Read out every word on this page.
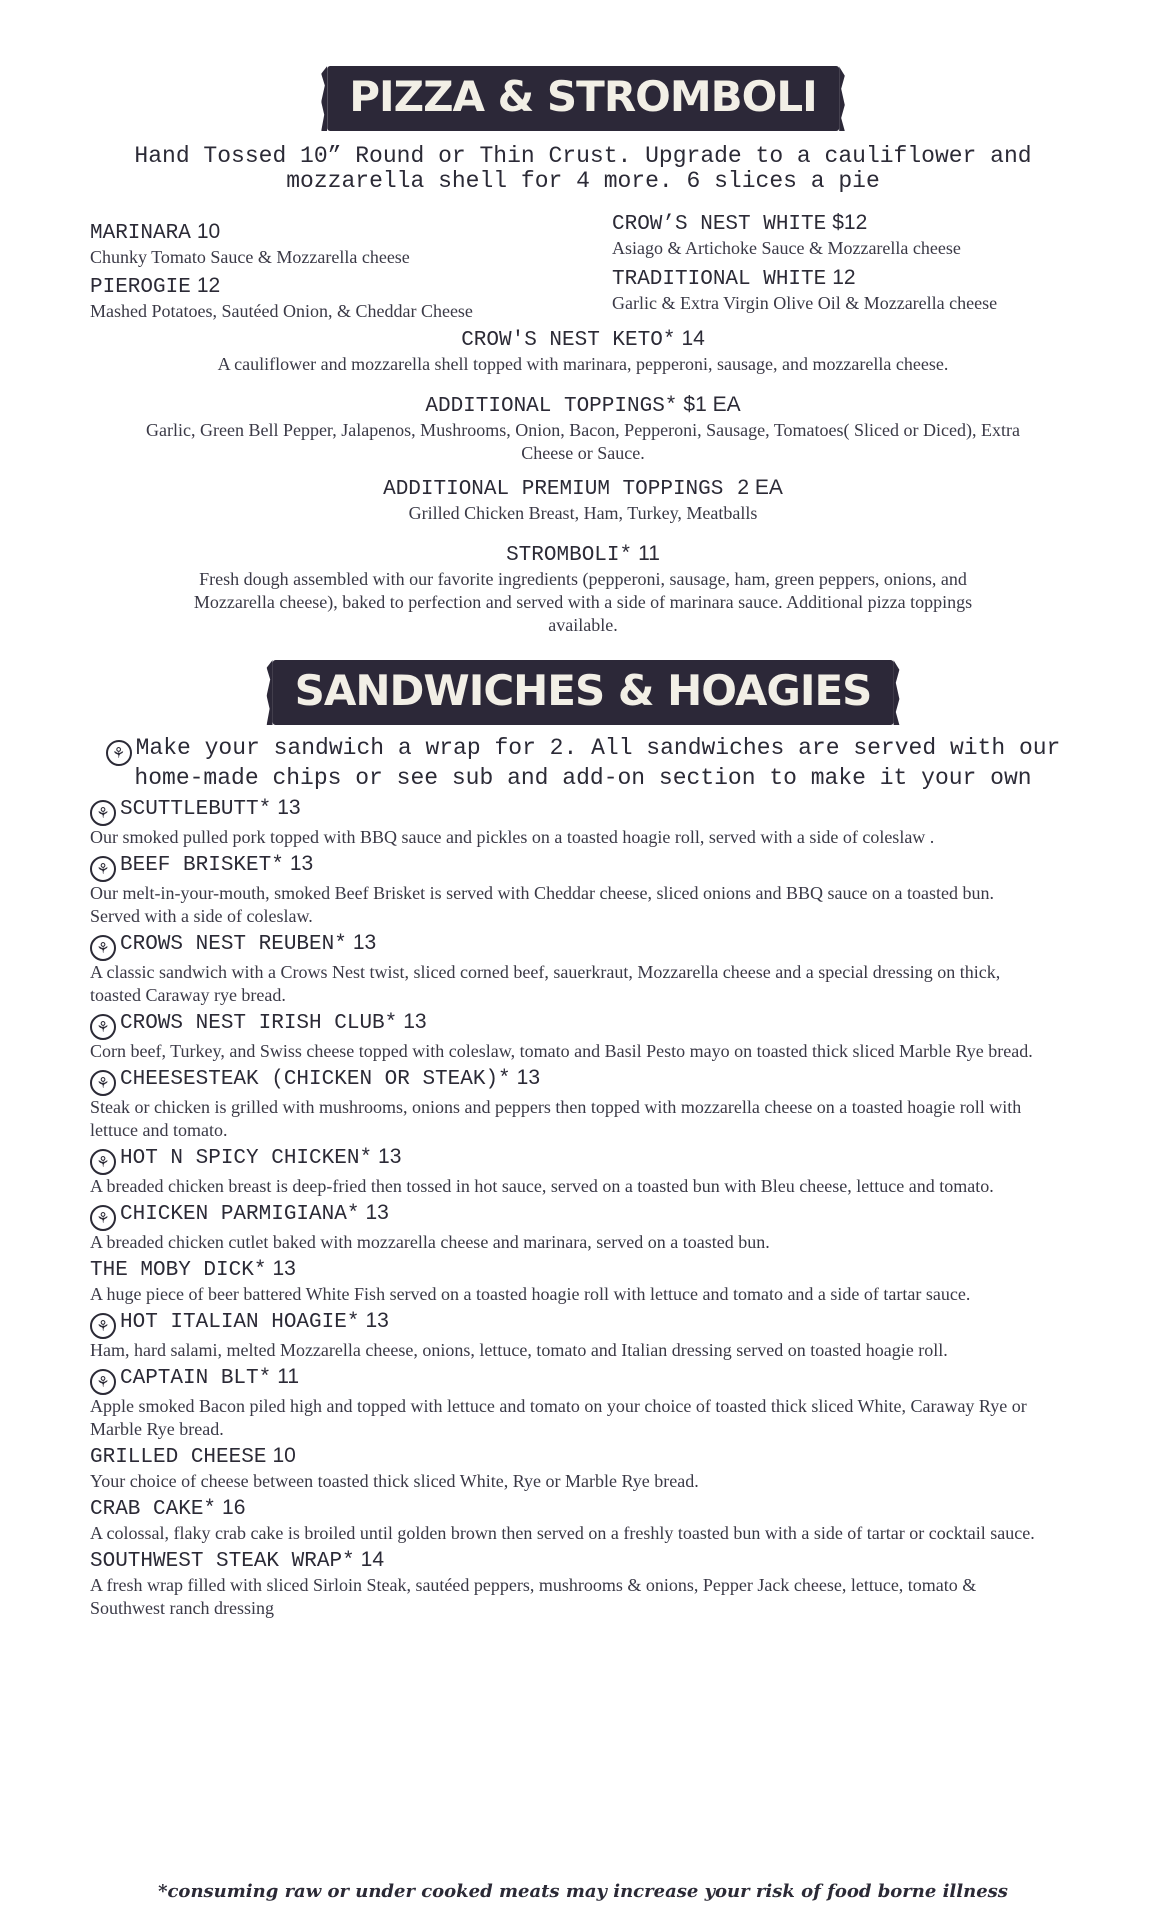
PIZZA & STROMBOLI
Hand Tossed 10” Round or Thin Crust. Upgrade to a cauliflower and
mozzarella shell for 4 more. 6 slices a pie
MARINARA 10
Chunky Tomato Sauce & Mozzarella cheese
PIEROGIE 12
Mashed Potatoes, Sautéed Onion, & Cheddar Cheese
CROW’S NEST WHITE $12
Asiago & Artichoke Sauce & Mozzarella cheese
TRADITIONAL WHITE 12
Garlic & Extra Virgin Olive Oil & Mozzarella cheese
CROW'S NEST KETO* 14
A cauliflower and mozzarella shell topped with marinara, pepperoni, sausage, and mozzarella cheese.
ADDITIONAL TOPPINGS* $1 EA
Garlic, Green Bell Pepper, Jalapenos, Mushrooms, Onion, Bacon, Pepperoni, Sausage, Tomatoes( Sliced or Diced), Extra
Cheese or Sauce.
ADDITIONAL PREMIUM TOPPINGS 2 EA
Grilled Chicken Breast, Ham, Turkey, Meatballs
STROMBOLI* 11
Fresh dough assembled with our favorite ingredients (pepperoni, sausage, ham, green peppers, onions, and
Mozzarella cheese), baked to perfection and served with a side of marinara sauce. Additional pizza toppings
available.
SANDWICHES & HOAGIES
⚘ Make your sandwich a wrap for 2. All sandwiches are served with our
home-made chips or see sub and add-on section to make it your own
⚘ SCUTTLEBUTT* 13
Our smoked pulled pork topped with BBQ sauce and pickles on a toasted hoagie roll, served with a side of coleslaw .
⚘ BEEF BRISKET* 13
Our melt-in-your-mouth, smoked Beef Brisket is served with Cheddar cheese, sliced onions and BBQ sauce on a toasted bun. Served with a side of coleslaw.
⚘ CROWS NEST REUBEN* 13
A classic sandwich with a Crows Nest twist, sliced corned beef, sauerkraut, Mozzarella cheese and a special dressing on thick, toasted Caraway rye bread.
⚘ CROWS NEST IRISH CLUB* 13
Corn beef, Turkey, and Swiss cheese topped with coleslaw, tomato and Basil Pesto mayo on toasted thick sliced Marble Rye bread.
⚘ CHEESESTEAK (CHICKEN OR STEAK)* 13
Steak or chicken is grilled with mushrooms, onions and peppers then topped with mozzarella cheese on a toasted hoagie roll with lettuce and tomato.
⚘ HOT N SPICY CHICKEN* 13
A breaded chicken breast is deep-fried then tossed in hot sauce, served on a toasted bun with Bleu cheese, lettuce and tomato.
⚘ CHICKEN PARMIGIANA* 13
A breaded chicken cutlet baked with mozzarella cheese and marinara, served on a toasted bun.
THE MOBY DICK* 13
A huge piece of beer battered White Fish served on a toasted hoagie roll with lettuce and tomato and a side of tartar sauce.
⚘ HOT ITALIAN HOAGIE* 13
Ham, hard salami, melted Mozzarella cheese, onions, lettuce, tomato and Italian dressing served on toasted hoagie roll.
⚘ CAPTAIN BLT* 11
Apple smoked Bacon piled high and topped with lettuce and tomato on your choice of toasted thick sliced White, Caraway Rye or Marble Rye bread.
GRILLED CHEESE 10
Your choice of cheese between toasted thick sliced White, Rye or Marble Rye bread.
CRAB CAKE* 16
A colossal, flaky crab cake is broiled until golden brown then served on a freshly toasted bun with a side of tartar or cocktail sauce.
SOUTHWEST STEAK WRAP* 14
A fresh wrap filled with sliced Sirloin Steak, sautéed peppers, mushrooms & onions, Pepper Jack cheese, lettuce, tomato & Southwest ranch dressing
*consuming raw or under cooked meats may increase your risk of food borne illness
